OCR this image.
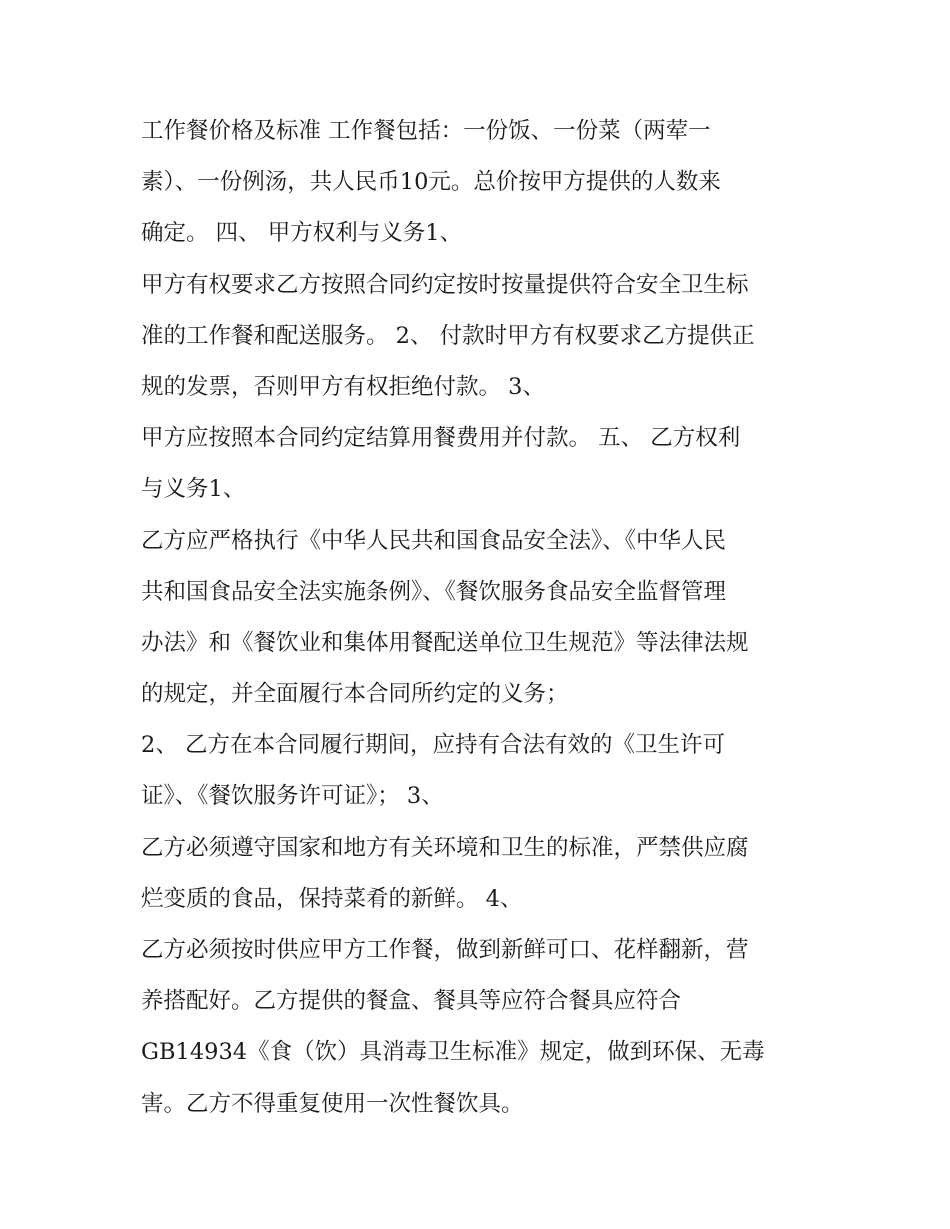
工作餐价格及标准 工作餐包括：一份饭、一份菜（两荤一
素）、一份例汤，共人民币10元。总价按甲方提供的人数来
确定。 四、 甲方权利与义务1、
甲方有权要求乙方按照合同约定按时按量提供符合安全卫生标
准的工作餐和配送服务。 2、 付款时甲方有权要求乙方提供正
规的发票，否则甲方有权拒绝付款。 3、
甲方应按照本合同约定结算用餐费用并付款。 五、 乙方权利
与义务1、
乙方应严格执行《中华人民共和国食品安全法》、《中华人民
共和国食品安全法实施条例》、《餐饮服务食品安全监督管理
办法》和《餐饮业和集体用餐配送单位卫生规范》等法律法规
的规定，并全面履行本合同所约定的义务；
2、 乙方在本合同履行期间，应持有合法有效的《卫生许可
证》、《餐饮服务许可证》； 3、
乙方必须遵守国家和地方有关环境和卫生的标准，严禁供应腐
烂变质的食品，保持菜肴的新鲜。 4、
乙方必须按时供应甲方工作餐，做到新鲜可口、花样翻新，营
养搭配好。乙方提供的餐盒、餐具等应符合餐具应符合
GB14934《食（饮）具消毒卫生标准》规定，做到环保、无毒
害。乙方不得重复使用一次性餐饮具。
